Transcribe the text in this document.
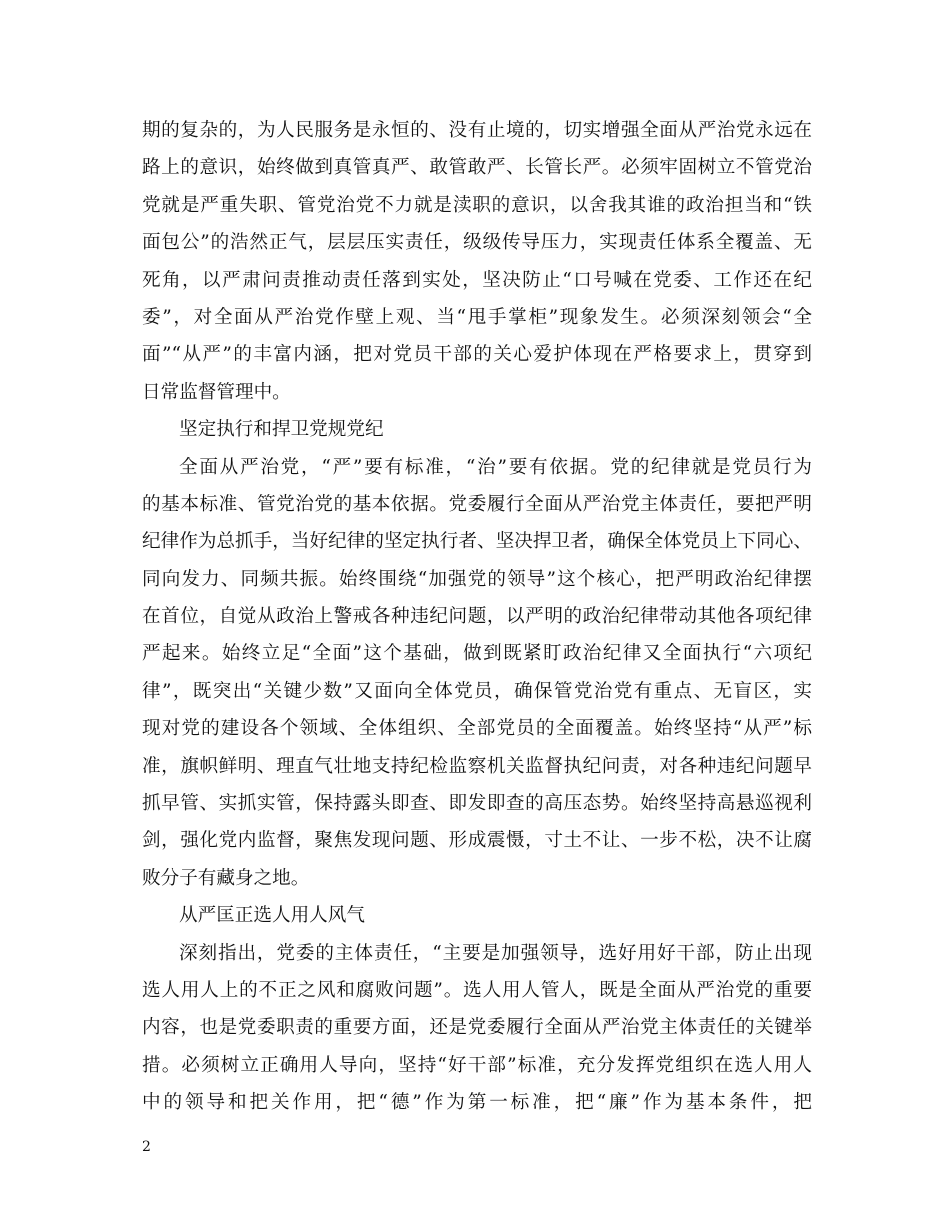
期的复杂的，为人民服务是永恒的、没有止境的，切实增强全面从严治党永远在
路上的意识，始终做到真管真严、敢管敢严、长管长严。必须牢固树立不管党治
党就是严重失职、管党治党不力就是渎职的意识，以舍我其谁的政治担当和“铁
面包公”的浩然正气，层层压实责任，级级传导压力，实现责任体系全覆盖、无
死角，以严肃问责推动责任落到实处，坚决防止“口号喊在党委、工作还在纪
委”，对全面从严治党作壁上观、当“甩手掌柜”现象发生。必须深刻领会“全
面”“从严”的丰富内涵，把对党员干部的关心爱护体现在严格要求上，贯穿到
日常监督管理中。
坚定执行和捍卫党规党纪
全面从严治党，“严”要有标准，“治”要有依据。党的纪律就是党员行为
的基本标准、管党治党的基本依据。党委履行全面从严治党主体责任，要把严明
纪律作为总抓手，当好纪律的坚定执行者、坚决捍卫者，确保全体党员上下同心、
同向发力、同频共振。始终围绕“加强党的领导”这个核心，把严明政治纪律摆
在首位，自觉从政治上警戒各种违纪问题，以严明的政治纪律带动其他各项纪律
严起来。始终立足“全面”这个基础，做到既紧盯政治纪律又全面执行“六项纪
律”，既突出“关键少数”又面向全体党员，确保管党治党有重点、无盲区，实
现对党的建设各个领域、全体组织、全部党员的全面覆盖。始终坚持“从严”标
准，旗帜鲜明、理直气壮地支持纪检监察机关监督执纪问责，对各种违纪问题早
抓早管、实抓实管，保持露头即查、即发即查的高压态势。始终坚持高悬巡视利
剑，强化党内监督，聚焦发现问题、形成震慑，寸土不让、一步不松，决不让腐
败分子有藏身之地。
从严匡正选人用人风气
深刻指出，党委的主体责任，“主要是加强领导，选好用好干部，防止出现
选人用人上的不正之风和腐败问题”。选人用人管人，既是全面从严治党的重要
内容，也是党委职责的重要方面，还是党委履行全面从严治党主体责任的关键举
措。必须树立正确用人导向，坚持“好干部”标准，充分发挥党组织在选人用人
中的领导和把关作用，把“德”作为第一标准，把“廉”作为基本条件，把
2
